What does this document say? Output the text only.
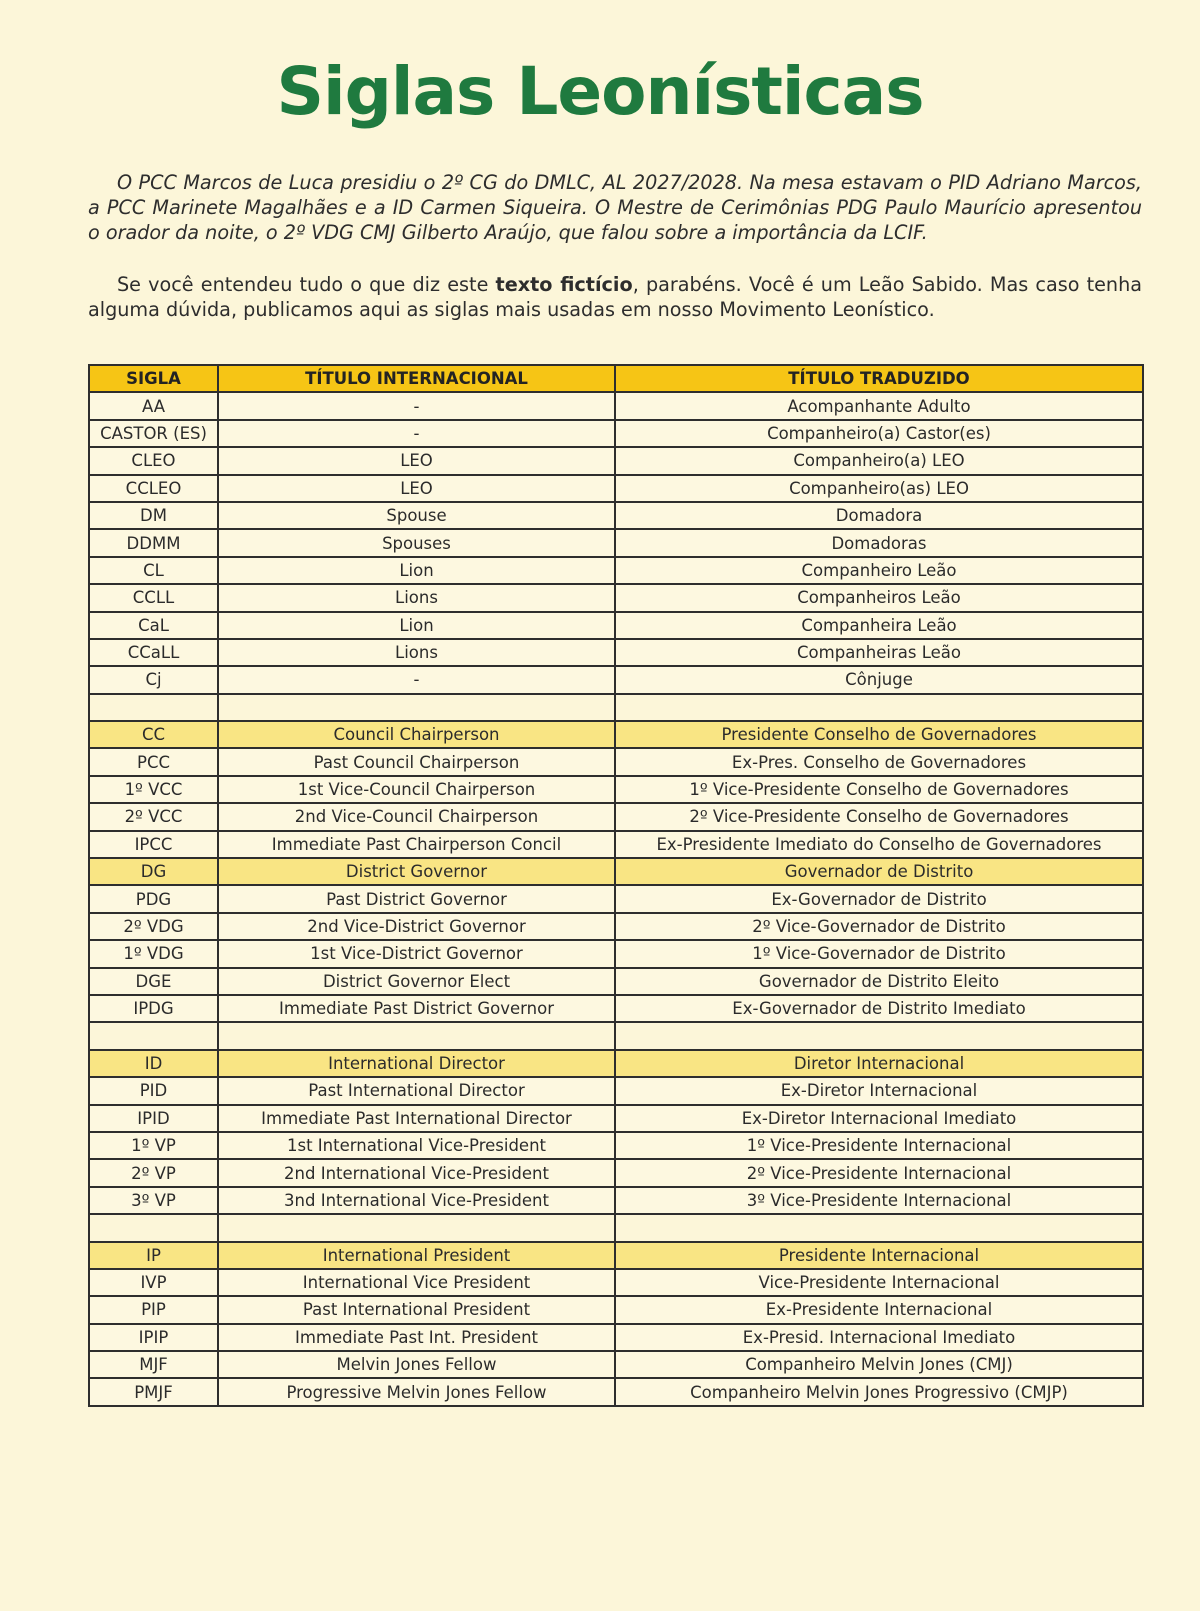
Siglas Leonísticas

O PCC Marcos de Luca presidiu o 2º CG do DMLC, AL 2027/2028. Na mesa estavam o PID Adriano Marcos, a PCC Marinete Magalhães e a ID Carmen Siqueira. O Mestre de Cerimônias PDG Paulo Maurício apresentou o orador da noite, o 2º VDG CMJ Gilberto Araújo, que falou sobre a importância da LCIF.

Se você entendeu tudo o que diz este texto fictício, parabéns. Você é um Leão Sabido. Mas caso tenha alguma dúvida, publicamos aqui as siglas mais usadas em nosso Movimento Leonístico.

SIGLA	TÍTULO INTERNACIONAL	TÍTULO TRADUZIDO
AA	-	Acompanhante Adulto
CASTOR (ES)	-	Companheiro(a) Castor(es)
CLEO	LEO	Companheiro(a) LEO
CCLEO	LEO	Companheiro(as) LEO
DM	Spouse	Domadora
DDMM	Spouses	Domadoras
CL	Lion	Companheiro Leão
CCLL	Lions	Companheiros Leão
CaL	Lion	Companheira Leão
CCaLL	Lions	Companheiras Leão
Cj	-	Cônjuge

CC	Council Chairperson	Presidente Conselho de Governadores
PCC	Past Council Chairperson	Ex-Pres. Conselho de Governadores
1º VCC	1st Vice-Council Chairperson	1º Vice-Presidente Conselho de Governadores
2º VCC	2nd Vice-Council Chairperson	2º Vice-Presidente Conselho de Governadores
IPCC	Immediate Past Chairperson Concil	Ex-Presidente Imediato do Conselho de Governadores
DG	District Governor	Governador de Distrito
PDG	Past District Governor	Ex-Governador de Distrito
2º VDG	2nd Vice-District Governor	2º Vice-Governador de Distrito
1º VDG	1st Vice-District Governor	1º Vice-Governador de Distrito
DGE	District Governor Elect	Governador de Distrito Eleito
IPDG	Immediate Past District Governor	Ex-Governador de Distrito Imediato

ID	International Director	Diretor Internacional
PID	Past International Director	Ex-Diretor Internacional
IPID	Immediate Past International Director	Ex-Diretor Internacional Imediato
1º VP	1st International Vice-President	1º Vice-Presidente Internacional
2º VP	2nd International Vice-President	2º Vice-Presidente Internacional
3º VP	3nd International Vice-President	3º Vice-Presidente Internacional

IP	International President	Presidente Internacional
IVP	International Vice President	Vice-Presidente Internacional
PIP	Past International President	Ex-Presidente Internacional
IPIP	Immediate Past Int. President	Ex-Presid. Internacional Imediato
MJF	Melvin Jones Fellow	Companheiro Melvin Jones (CMJ)
PMJF	Progressive Melvin Jones Fellow	Companheiro Melvin Jones Progressivo (CMJP)
